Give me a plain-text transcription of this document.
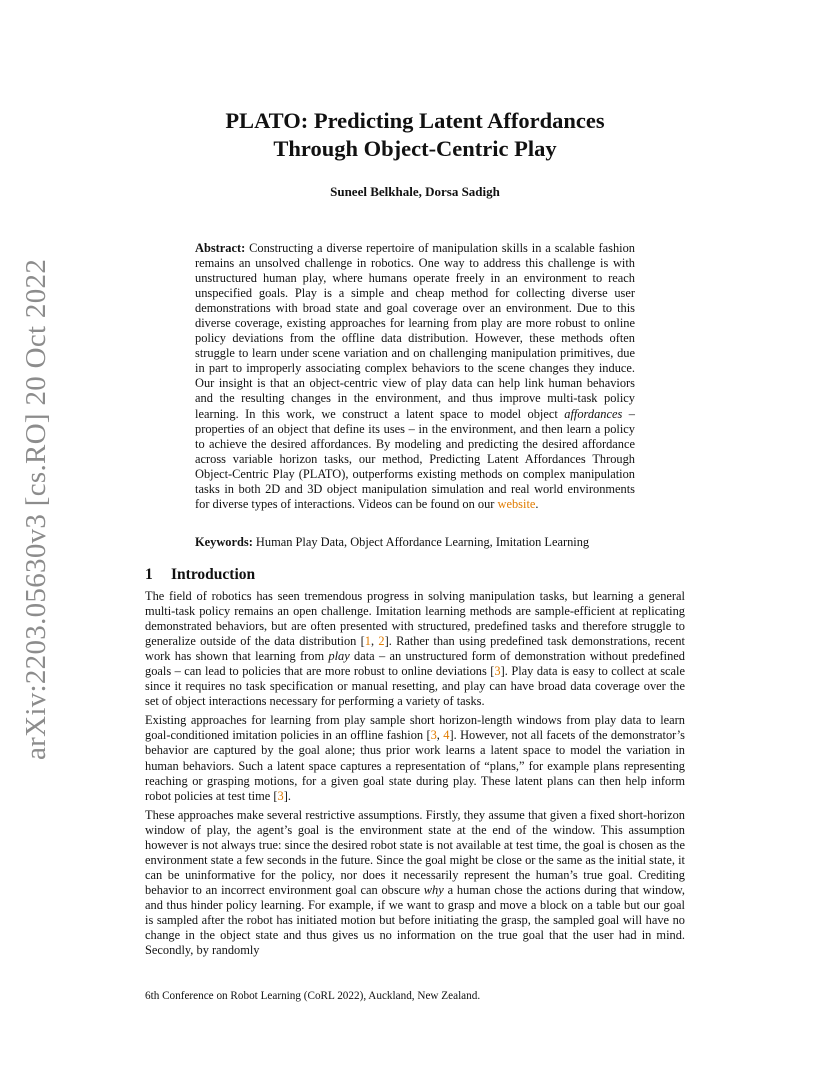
arXiv:2203.05630v3 [cs.RO] 20 Oct 2022
PLATO: Predicting Latent Affordances
Through Object-Centric Play

Suneel Belkhale, Dorsa Sadigh

Abstract: Constructing a diverse repertoire of manipulation skills in a scalable fashion remains an unsolved challenge in robotics. One way to address this challenge is with unstructured human play, where humans operate freely in an environment to reach unspecified goals. Play is a simple and cheap method for collecting diverse user demonstrations with broad state and goal coverage over an environment. Due to this diverse coverage, existing approaches for learning from play are more robust to online policy deviations from the offline data distribution. However, these methods often struggle to learn under scene variation and on challenging manipulation primitives, due in part to improperly associating complex behaviors to the scene changes they induce. Our insight is that an object-centric view of play data can help link human behaviors and the resulting changes in the environment, and thus improve multi-task policy learning. In this work, we construct a latent space to model object affordances – properties of an object that define its uses – in the environment, and then learn a policy to achieve the desired affordances. By modeling and predicting the desired affordance across variable horizon tasks, our method, Predicting Latent Affordances Through Object-Centric Play (PLATO), outperforms existing methods on complex manipulation tasks in both 2D and 3D object manipulation simulation and real world environments for diverse types of interactions. Videos can be found on our website.

Keywords: Human Play Data, Object Affordance Learning, Imitation Learning

1 Introduction

The field of robotics has seen tremendous progress in solving manipulation tasks, but learning a general multi-task policy remains an open challenge. Imitation learning methods are sample-efficient at replicating demonstrated behaviors, but are often presented with structured, predefined tasks and therefore struggle to generalize outside of the data distribution [1, 2]. Rather than using predefined task demonstrations, recent work has shown that learning from play data – an unstructured form of demonstration without predefined goals – can lead to policies that are more robust to online deviations [3]. Play data is easy to collect at scale since it requires no task specification or manual resetting, and play can have broad data coverage over the set of object interactions necessary for performing a variety of tasks.

Existing approaches for learning from play sample short horizon-length windows from play data to learn goal-conditioned imitation policies in an offline fashion [3, 4]. However, not all facets of the demonstrator’s behavior are captured by the goal alone; thus prior work learns a latent space to model the variation in human behaviors. Such a latent space captures a representation of “plans,” for example plans representing reaching or grasping motions, for a given goal state during play. These latent plans can then help inform robot policies at test time [3].

These approaches make several restrictive assumptions. Firstly, they assume that given a fixed short-horizon window of play, the agent’s goal is the environment state at the end of the window. This assumption however is not always true: since the desired robot state is not available at test time, the goal is chosen as the environment state a few seconds in the future. Since the goal might be close or the same as the initial state, it can be uninformative for the policy, nor does it necessarily represent the human’s true goal. Crediting behavior to an incorrect environment goal can obscure why a human chose the actions during that window, and thus hinder policy learning. For example, if we want to grasp and move a block on a table but our goal is sampled after the robot has initiated motion but before initiating the grasp, the sampled goal will have no change in the object state and thus gives us no information on the true goal that the user had in mind. Secondly, by randomly

6th Conference on Robot Learning (CoRL 2022), Auckland, New Zealand.
